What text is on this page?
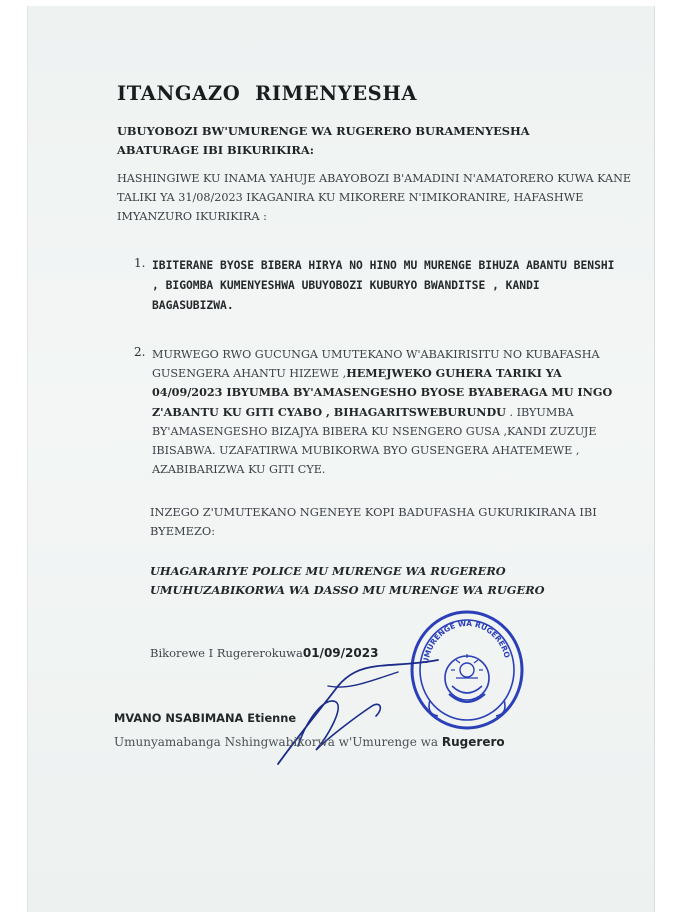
ITANGAZO  RIMENYESHA
UBUYOBOZI BW'UMURENGE WA RUGERERO BURAMENYESHA ABATURAGE IBI BIKURIKIRA:
HASHINGIWE KU INAMA YAHUJE ABAYOBOZI B'AMADINI N'AMATORERO KUWA KANE TALIKI YA 31/08/2023 IKAGANIRA KU MIKORERE N'IMIKORANIRE, HAFASHWE IMYANZURO IKURIKIRA :
1. IBITERANE BYOSE BIBERA HIRYA NO HINO MU MURENGE BIHUZA ABANTU BENSHI , BIGOMBA KUMENYESHWA UBUYOBOZI KUBURYO BWANDITSE , KANDI BAGASUBIZWA.
2. MURWEGO RWO GUCUNGA UMUTEKANO W'ABAKIRISITU NO KUBAFASHA GUSENGERA AHANTU HIZEWE ,HEMEJWEKO GUHERA TARIKI YA 04/09/2023 IBYUMBA BY'AMASENGESHO BYOSE BYABERAGA MU INGO Z'ABANTU KU GITI CYABO , BIHAGARITSWEBURUNDU . IBYUMBA BY'AMASENGESHO BIZAJYA BIBERA KU NSENGERO GUSA ,KANDI ZUZUJE IBISABWA. UZAFATIRWA MUBIKORWA BYO GUSENGERA AHATEMEWE , AZABIBARIZWA KU GITI CYE.
INZEGO Z'UMUTEKANO NGENEYE KOPI BADUFASHA GUKURIKIRANA IBI BYEMEZO:
UHAGARARIYE POLICE MU MURENGE WA RUGERERO
UMUHUZABIKORWA WA DASSO MU MURENGE WA RUGERO
Bikorewe I Rugererokuwa01/09/2023
UMURENGE WA RUGERERO
MVANO NSABIMANA Etienne
Umunyamabanga Nshingwabikorwa w'Umurenge wa Rugerero
